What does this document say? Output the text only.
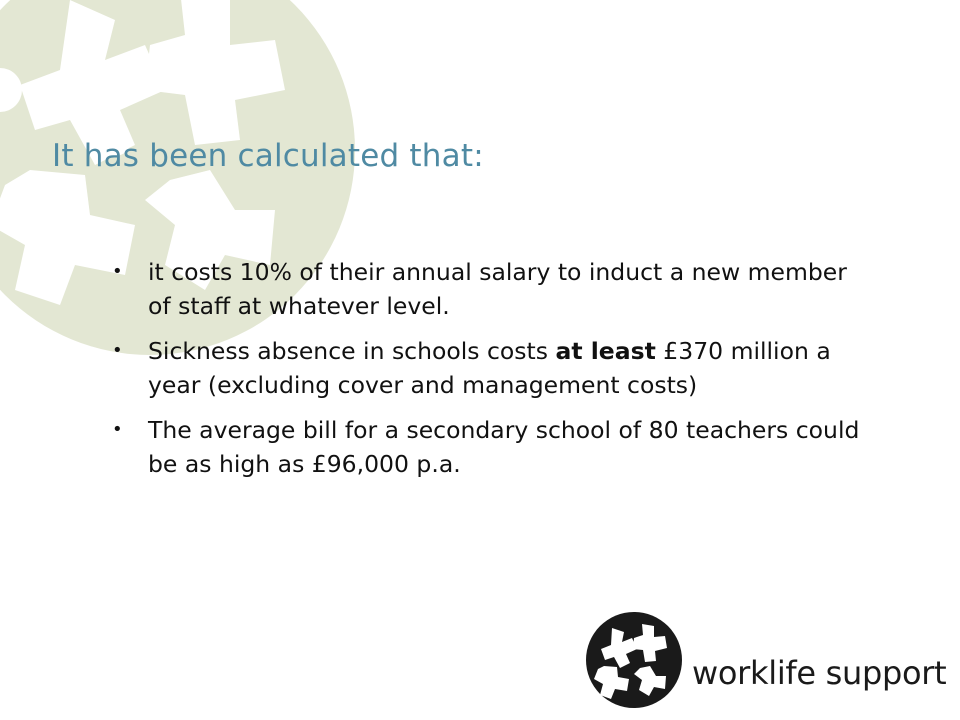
It has been calculated that:
• it costs 10% of their annual salary to induct a new member of staff at whatever level.
• Sickness absence in schools costs at least £370 million a year (excluding cover and management costs)
• The average bill for a secondary school of 80 teachers could be as high as £96,000 p.a.
worklife support
